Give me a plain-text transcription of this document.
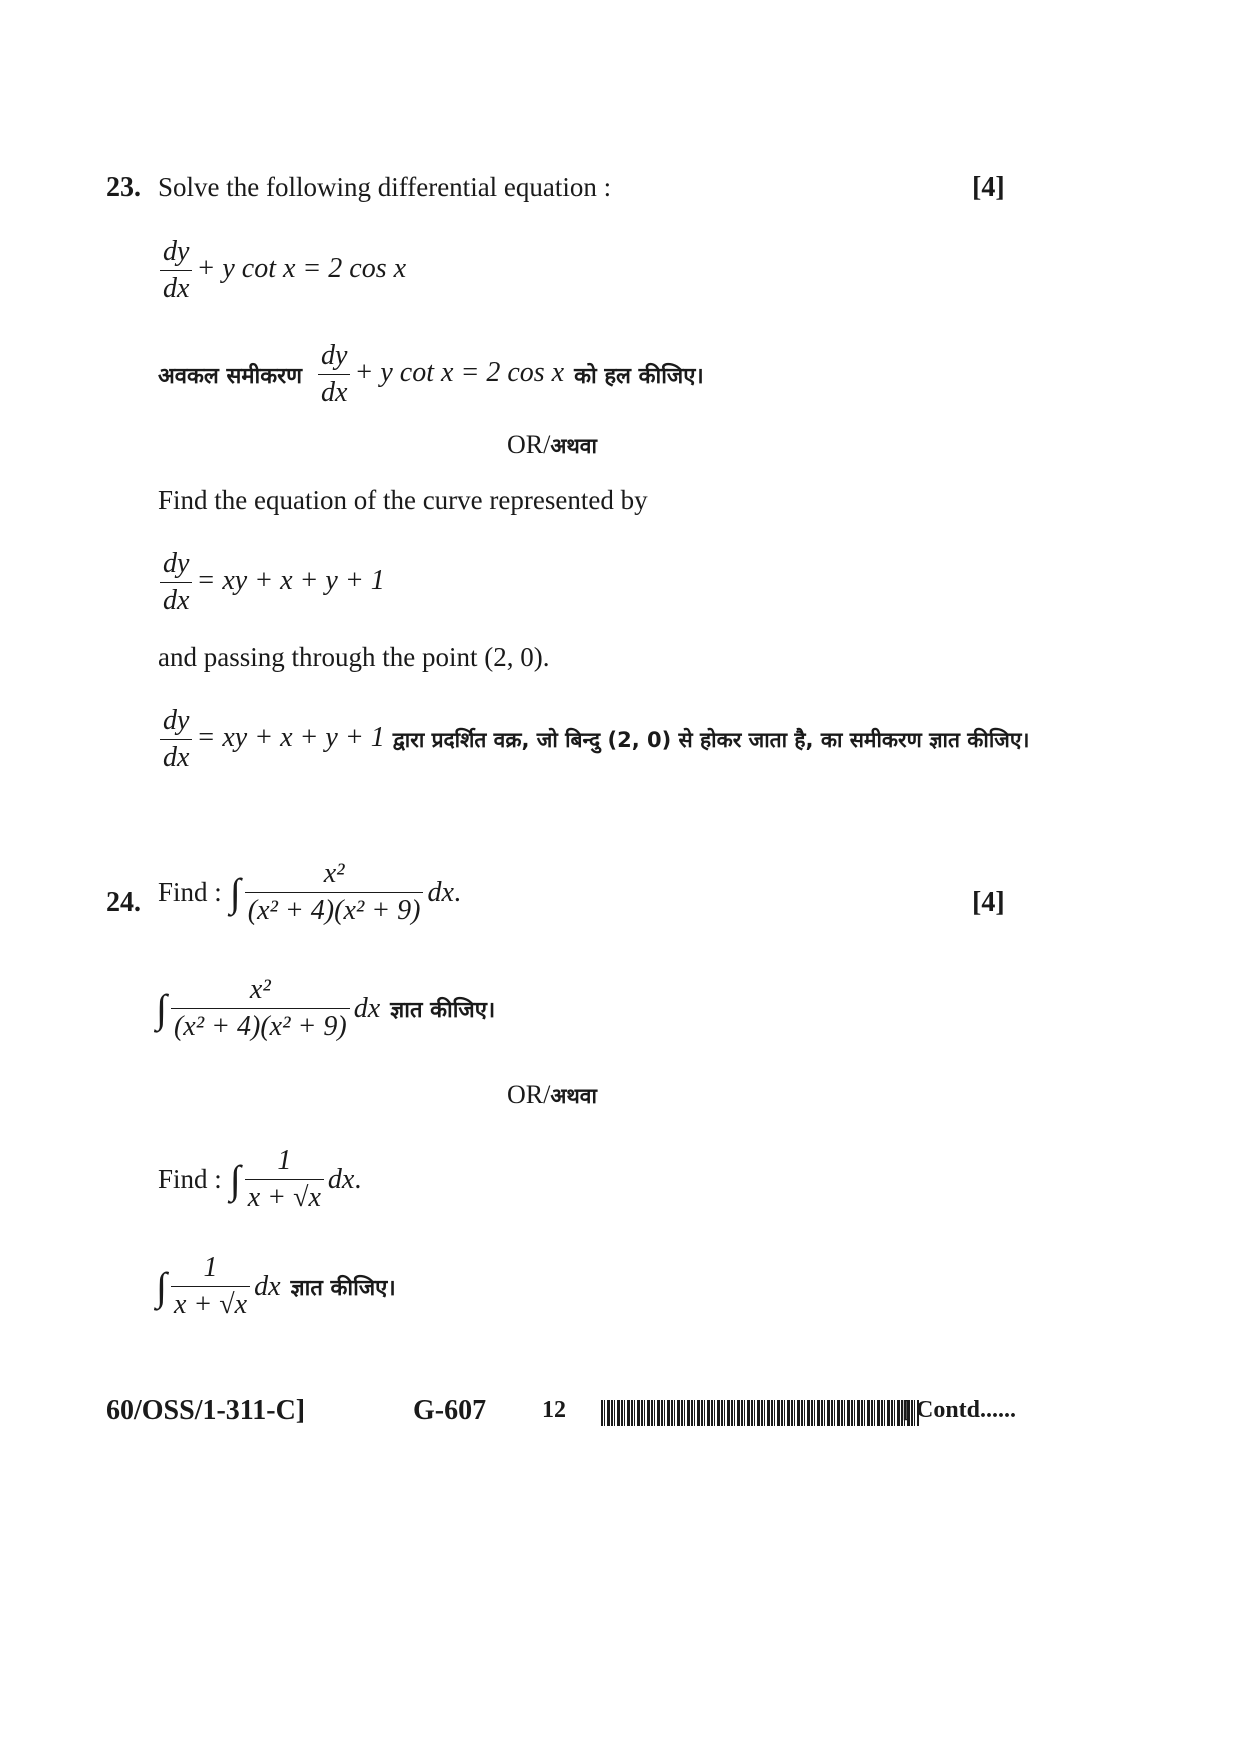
23. Solve the following differential equation :	[4]
$\frac{dy}{dx} + y$ cot x = 2 cos x
अवकल समीकरण $\frac{dy}{dx} + y$ cot x = 2 cos x को हल कीजिए।
OR/अथवा
Find the equation of the curve represented by
$\frac{dy}{dx}$ = xy + x + y + 1
and passing through the point (2, 0).
$\frac{dy}{dx}$ = xy + x + y + 1 द्वारा प्रदर्शित वक्र, जो बिन्दु (2, 0) से होकर जाता है, का समीकरण ज्ञात कीजिए।
24. Find : ∫ $\frac{\text{x²}}{\text{(x² + 4)(x² + 9)}}$ dx .	[4]
∫ $\frac{\text{x²}}{\text{(x² + 4)(x² + 9)}}$ dx ज्ञात कीजिए।
OR/अथवा
Find : ∫ $\frac{1}{x + √x}$ dx .
∫ $\frac{1}{x + √x}$ dx ज्ञात कीजिए।
60/OSS/1-311-C]	G-607 12	[ Contd......
